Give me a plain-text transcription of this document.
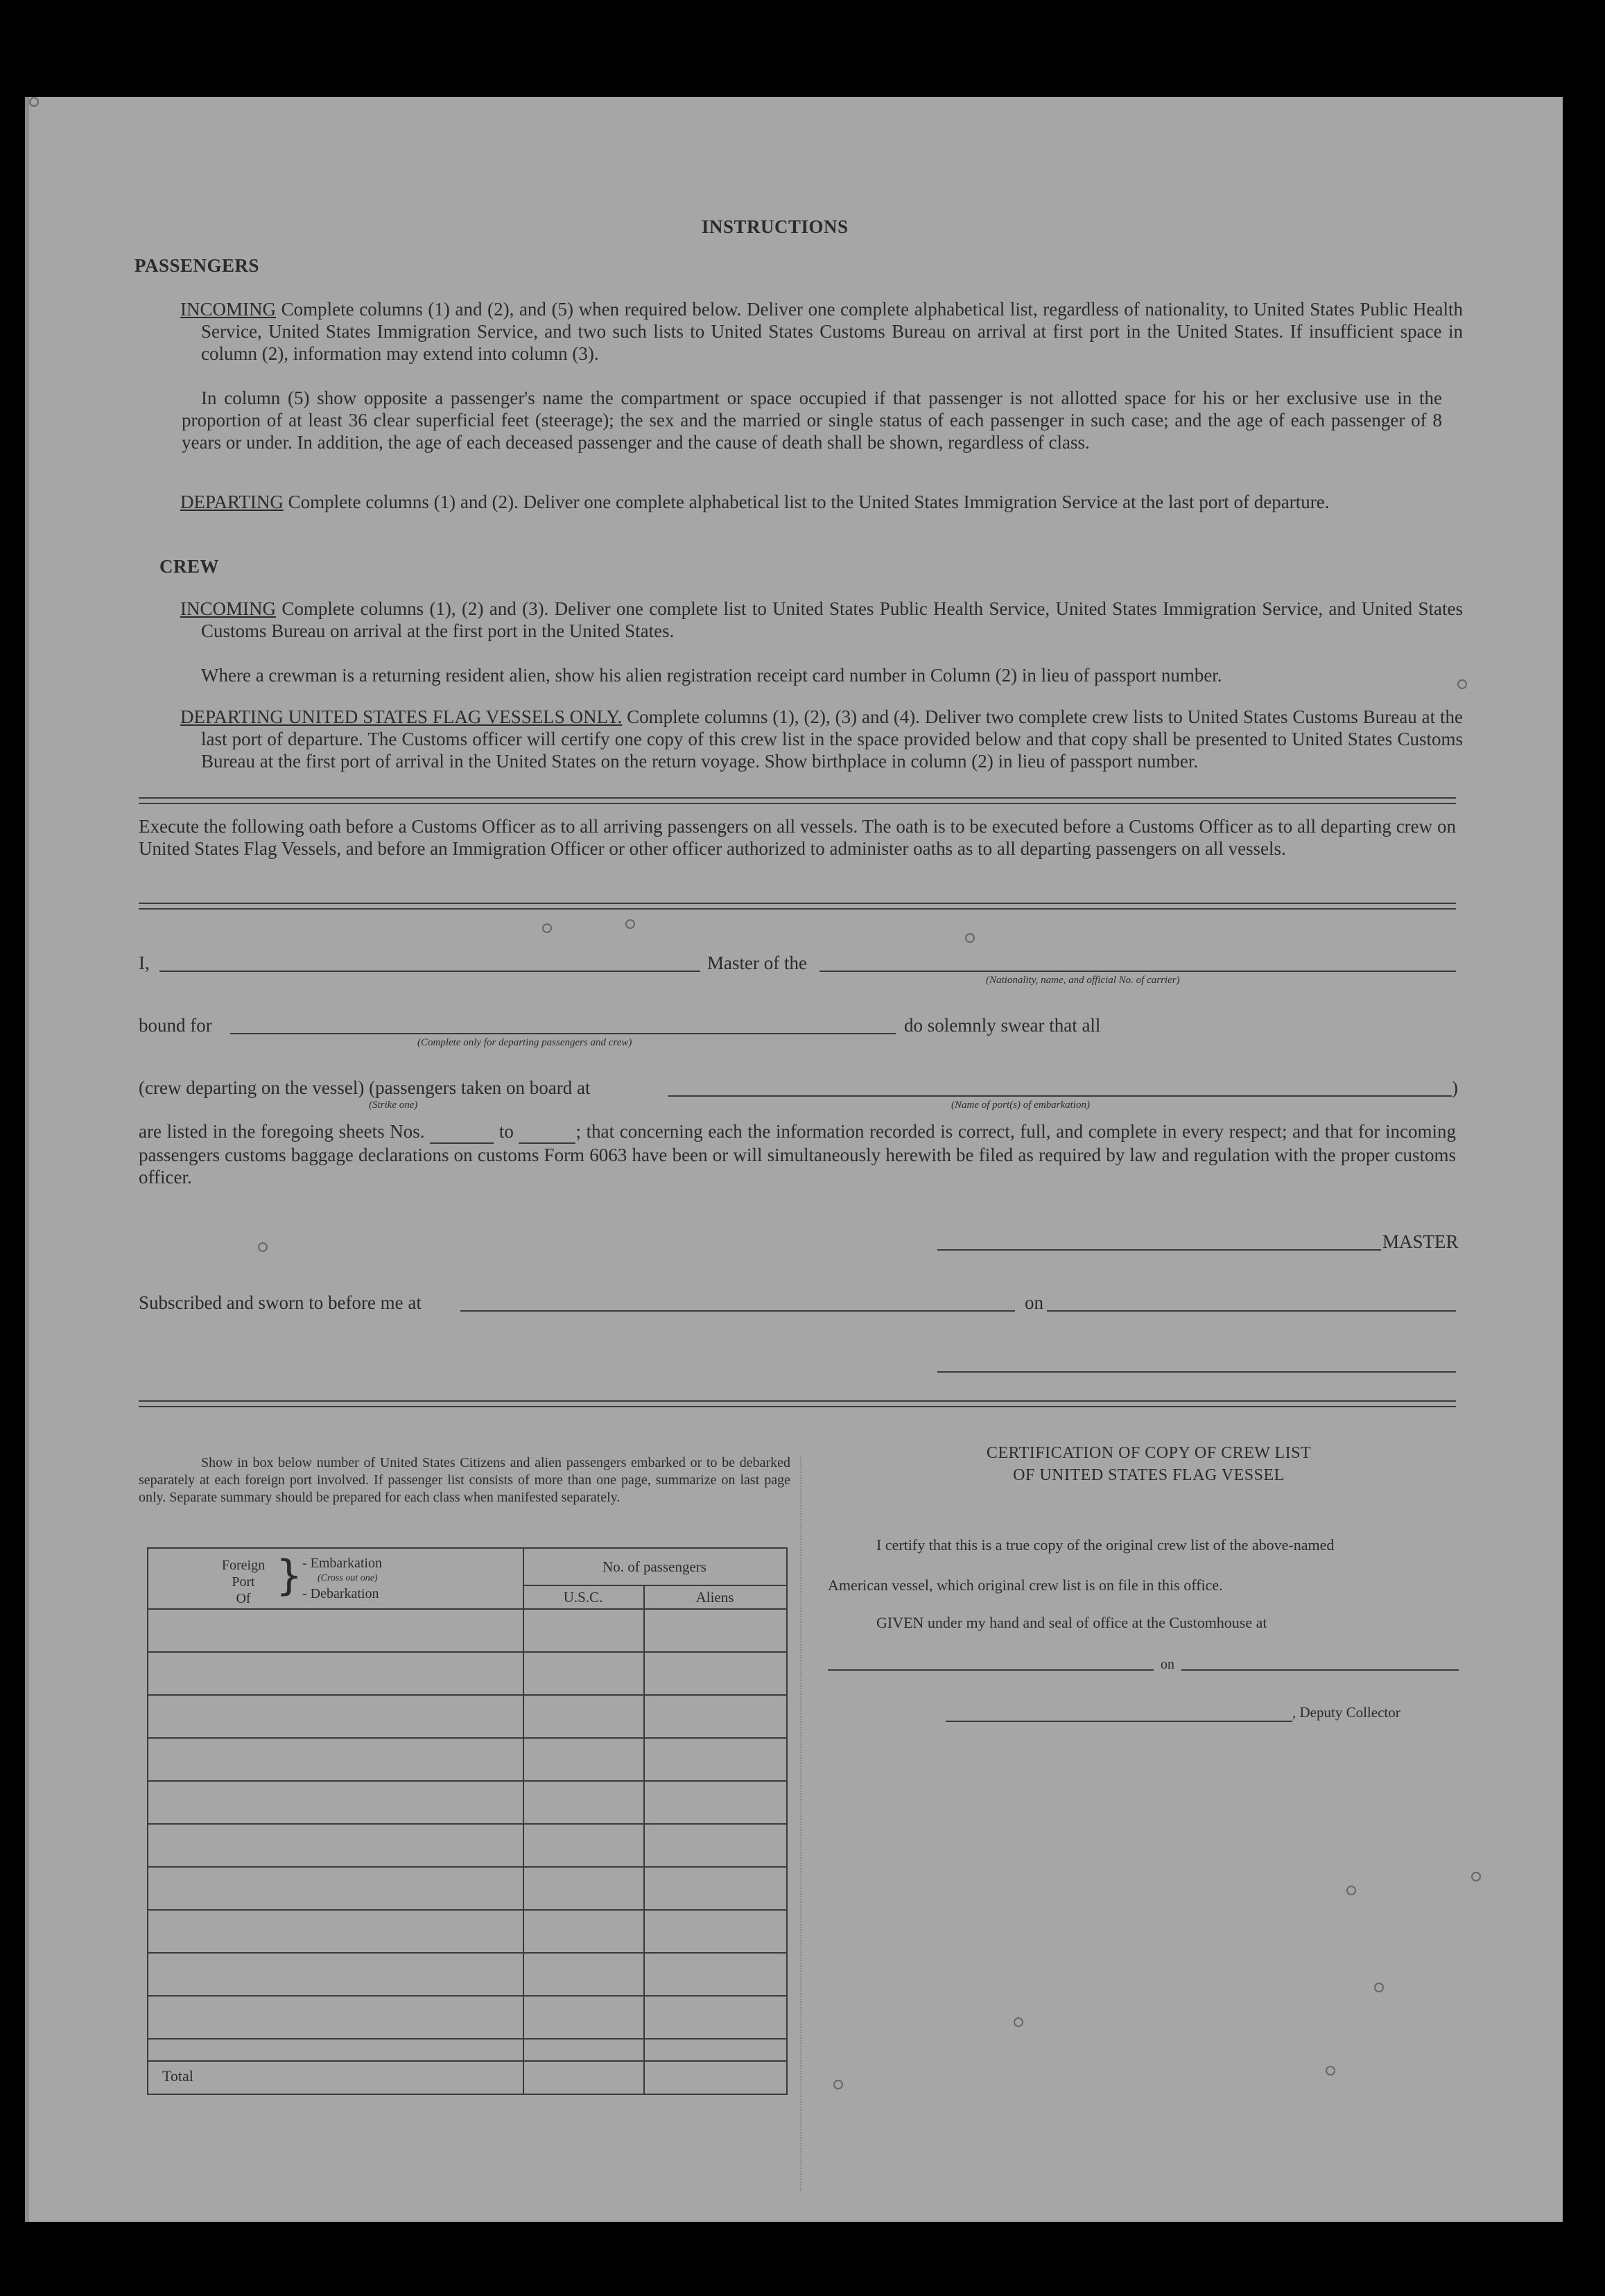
INSTRUCTIONS
PASSENGERS
INCOMING Complete columns (1) and (2), and (5) when required below. Deliver one complete alphabetical list, regardless of nationality, to United States Public Health Service, United States Immigration Service, and two such lists to United States Customs Bureau on arrival at first port in the United States. If insufficient space in column (2), information may extend into column (3).
In column (5) show opposite a passenger's name the compartment or space occupied if that passenger is not allotted space for his or her exclusive use in the proportion of at least 36 clear superficial feet (steerage); the sex and the married or single status of each passenger in such case; and the age of each passenger of 8 years or under. In addition, the age of each deceased passenger and the cause of death shall be shown, regardless of class.
DEPARTING Complete columns (1) and (2). Deliver one complete alphabetical list to the United States Immigration Service at the last port of departure.
CREW
INCOMING Complete columns (1), (2) and (3). Deliver one complete list to United States Public Health Service, United States Immigration Service, and United States Customs Bureau on arrival at the first port in the United States.
Where a crewman is a returning resident alien, show his alien registration receipt card number in Column (2) in lieu of passport number.
DEPARTING UNITED STATES FLAG VESSELS ONLY. Complete columns (1), (2), (3) and (4). Deliver two complete crew lists to United States Customs Bureau at the last port of departure. The Customs officer will certify one copy of this crew list in the space provided below and that copy shall be presented to United States Customs Bureau at the first port of arrival in the United States on the return voyage. Show birthplace in column (2) in lieu of passport number.
Execute the following oath before a Customs Officer as to all arriving passengers on all vessels. The oath is to be executed before a Customs Officer as to all departing crew on United States Flag Vessels, and before an Immigration Officer or other officer authorized to administer oaths as to all departing passengers on all vessels.
I,	Master of the
(Nationality, name, and official No. of carrier)
bound for
(Complete only for departing passengers and crew)
do solemnly swear that all
(crew departing on the vessel) (passengers taken on board at
(Strike one)	(Name of port(s) of embarkation)
)
are listed in the foregoing sheets Nos.	to	; that concerning each the information recorded is correct, full, and complete in every respect; and that for incoming passengers customs baggage declarations on customs Form 6063 have been or will simultaneously herewith be filed as required by law and regulation with the proper customs officer.
MASTER
Subscribed and sworn to before me at	on
Show in box below number of United States Citizens and alien passengers embarked or to be debarked separately at each foreign port involved. If passenger list consists of more than one page, summarize on last page only. Separate summary should be prepared for each class when manifested separately.
Foreign
Port
Of } - Embarkation
(Cross out one)
- Debarkation
No. of passengers
U.S.C.	Aliens
Total
CERTIFICATION OF COPY OF CREW LIST
OF UNITED STATES FLAG VESSEL
I certify that this is a true copy of the original crew list of the above-named
American vessel, which original crew list is on file in this office.
GIVEN under my hand and seal of office at the Customhouse at
on
, Deputy Collector
